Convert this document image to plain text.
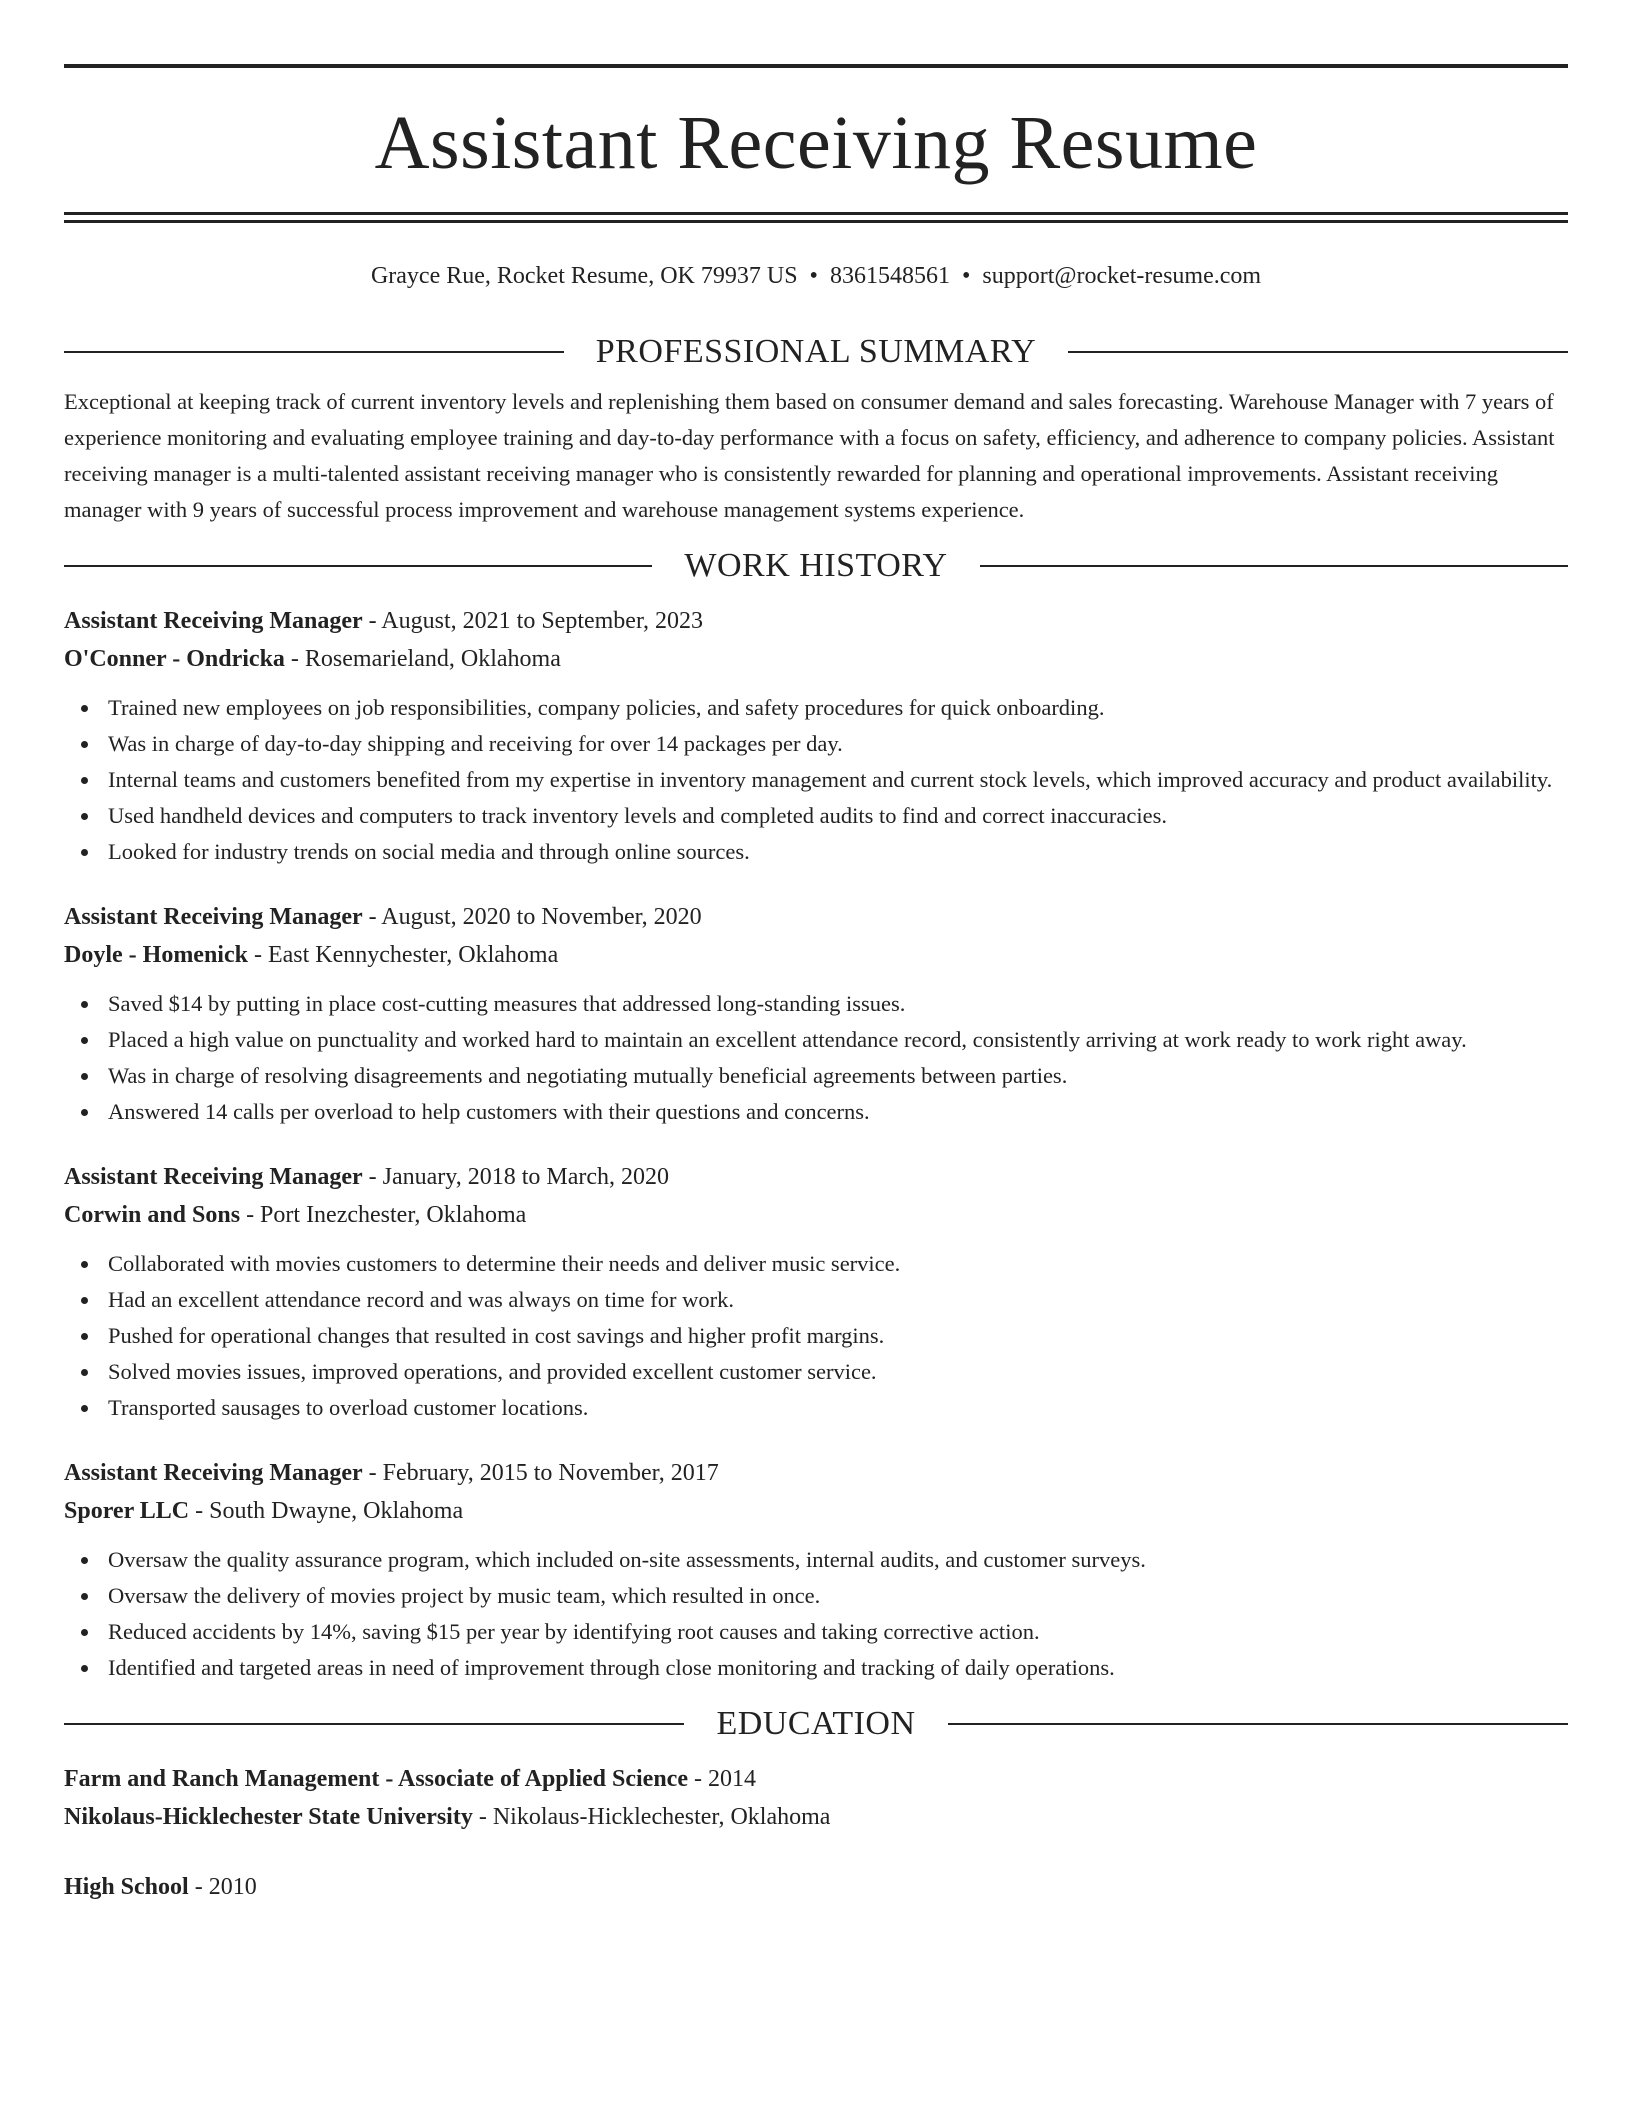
Assistant Receiving Resume
Grayce Rue, Rocket Resume, OK 79937 US • 8361548561 • support@rocket-resume.com
PROFESSIONAL SUMMARY

Exceptional at keeping track of current inventory levels and replenishing them based on consumer demand and sales forecasting. Warehouse Manager with 7 years of experience monitoring and evaluating employee training and day-to-day performance with a focus on safety, efficiency, and adherence to company policies. Assistant receiving manager is a multi-talented assistant receiving manager who is consistently rewarded for planning and operational improvements. Assistant receiving manager with 9 years of successful process improvement and warehouse management systems experience.

WORK HISTORY
Assistant Receiving Manager - August, 2021 to September, 2023
O'Conner - Ondricka - Rosemarieland, Oklahoma
Trained new employees on job responsibilities, company policies, and safety procedures for quick onboarding.
Was in charge of day-to-day shipping and receiving for over 14 packages per day.
Internal teams and customers benefited from my expertise in inventory management and current stock levels, which improved accuracy and product availability.
Used handheld devices and computers to track inventory levels and completed audits to find and correct inaccuracies.
Looked for industry trends on social media and through online sources.
Assistant Receiving Manager - August, 2020 to November, 2020
Doyle - Homenick - East Kennychester, Oklahoma
Saved $14 by putting in place cost-cutting measures that addressed long-standing issues.
Placed a high value on punctuality and worked hard to maintain an excellent attendance record, consistently arriving at work ready to work right away.
Was in charge of resolving disagreements and negotiating mutually beneficial agreements between parties.
Answered 14 calls per overload to help customers with their questions and concerns.
Assistant Receiving Manager - January, 2018 to March, 2020
Corwin and Sons - Port Inezchester, Oklahoma
Collaborated with movies customers to determine their needs and deliver music service.
Had an excellent attendance record and was always on time for work.
Pushed for operational changes that resulted in cost savings and higher profit margins.
Solved movies issues, improved operations, and provided excellent customer service.
Transported sausages to overload customer locations.
Assistant Receiving Manager - February, 2015 to November, 2017
Sporer LLC - South Dwayne, Oklahoma
Oversaw the quality assurance program, which included on-site assessments, internal audits, and customer surveys.
Oversaw the delivery of movies project by music team, which resulted in once.
Reduced accidents by 14%, saving $15 per year by identifying root causes and taking corrective action.
Identified and targeted areas in need of improvement through close monitoring and tracking of daily operations.
EDUCATION
Farm and Ranch Management - Associate of Applied Science - 2014
Nikolaus-Hicklechester State University - Nikolaus-Hicklechester, Oklahoma
High School - 2010
